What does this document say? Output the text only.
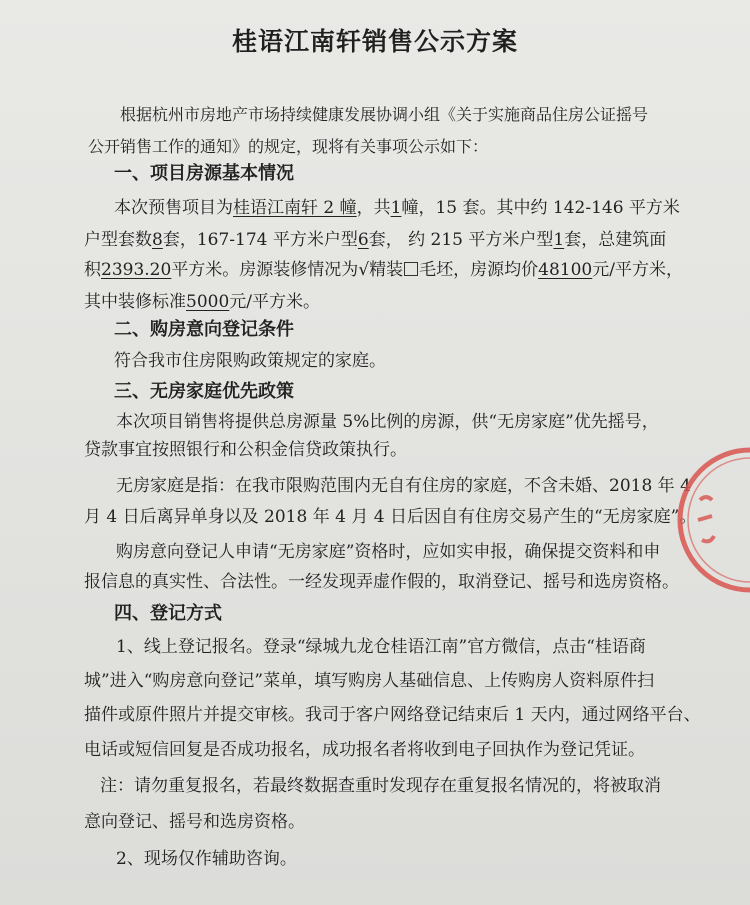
桂语江南轩销售公示方案
根据杭州市房地产市场持续健康发展协调小组《关于实施商品住房公证摇号
公开销售工作的通知》的规定，现将有关事项公示如下：
一、项目房源基本情况
本次预售项目为桂语江南轩 2 幢，共1幢，15 套。其中约 142-146 平方米
户型套数8套，167-174 平方米户型6套， 约 215 平方米户型1套，总建筑面
积2393.20平方米。房源装修情况为√精装 毛坯，房源均价48100元/平方米，
其中装修标准5000元/平方米。
二、购房意向登记条件
符合我市住房限购政策规定的家庭。
三、无房家庭优先政策
本次项目销售将提供总房源量 5%比例的房源，供“无房家庭”优先摇号，
贷款事宜按照银行和公积金信贷政策执行。
无房家庭是指：在我市限购范围内无自有住房的家庭，不含未婚、2018 年 4
月 4 日后离异单身以及 2018 年 4 月 4 日后因自有住房交易产生的“无房家庭”。
购房意向登记人申请“无房家庭”资格时，应如实申报，确保提交资料和申
报信息的真实性、合法性。一经发现弄虚作假的，取消登记、摇号和选房资格。
四、登记方式
1、线上登记报名。登录“绿城九龙仓桂语江南”官方微信，点击“桂语商
城”进入“购房意向登记”菜单，填写购房人基础信息、上传购房人资料原件扫
描件或原件照片并提交审核。我司于客户网络登记结束后 1 天内，通过网络平台、
电话或短信回复是否成功报名，成功报名者将收到电子回执作为登记凭证。
注：请勿重复报名，若最终数据查重时发现存在重复报名情况的，将被取消
意向登记、摇号和选房资格。
2、现场仅作辅助咨询。
